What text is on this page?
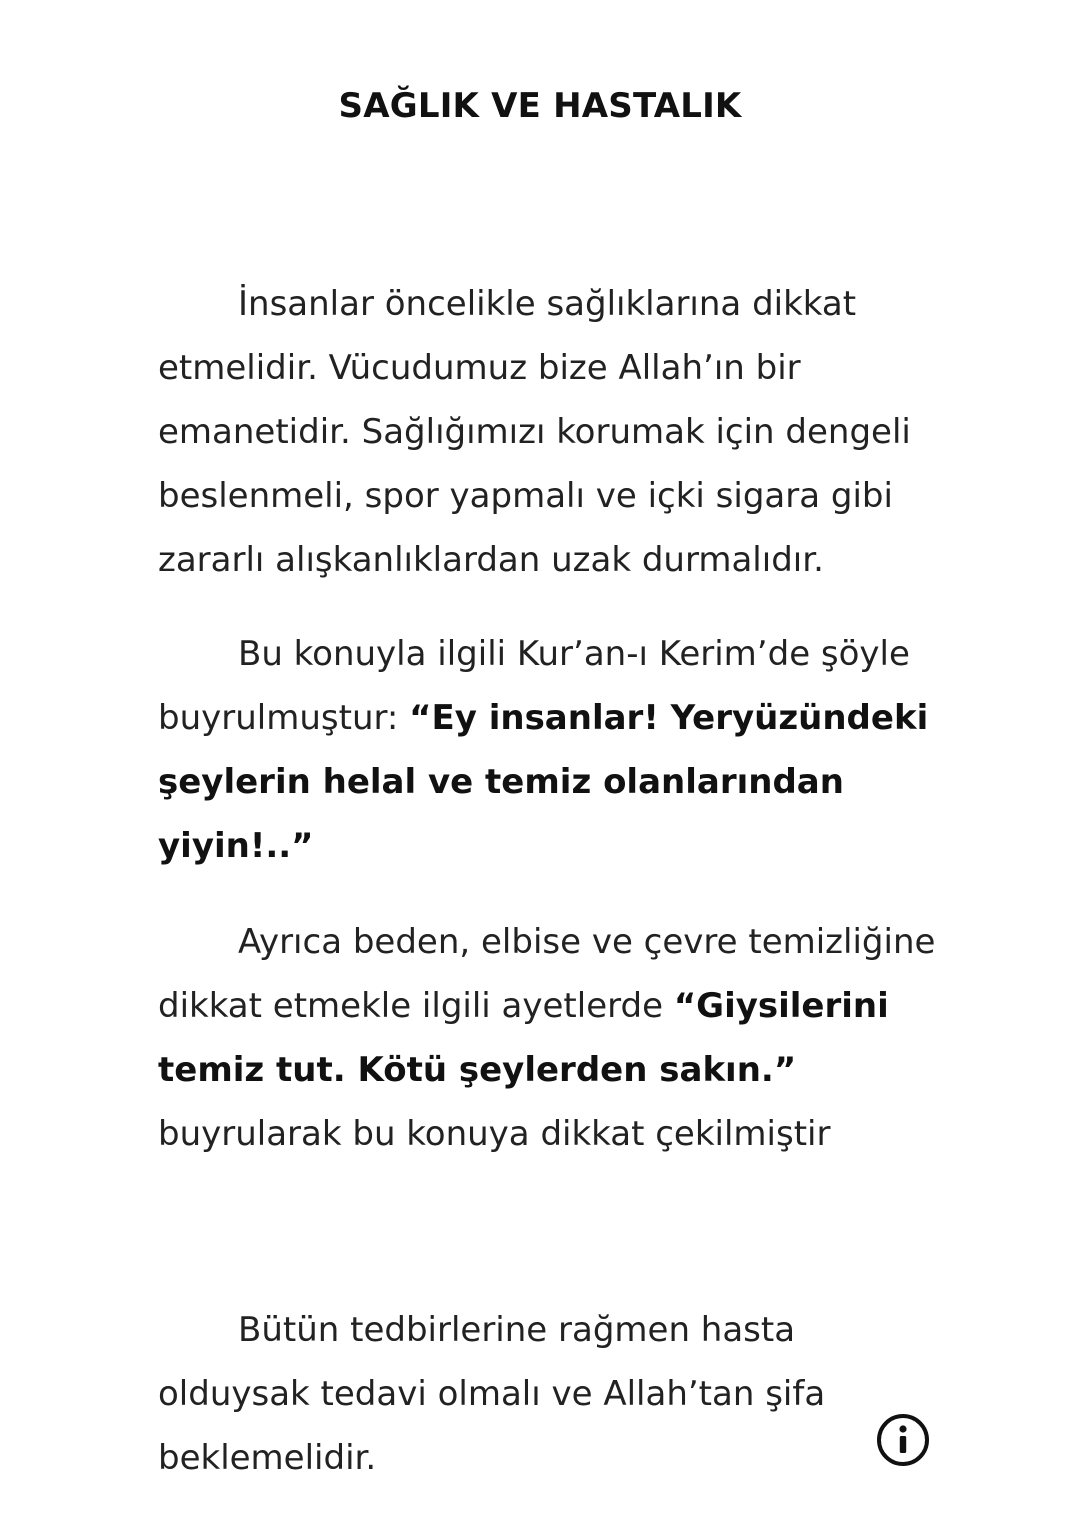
SAĞLIK VE HASTALIK

İnsanlar öncelikle sağlıklarına dikkat etmelidir. Vücudumuz bize Allah’ın bir emanetidir. Sağlığımızı korumak için dengeli beslenmeli, spor yapmalı ve içki sigara gibi zararlı alışkanlıklardan uzak durmalıdır.

Bu konuyla ilgili Kur’an-ı Kerim’de şöyle buyrulmuştur: “Ey insanlar! Yeryüzündeki şeylerin helal ve temiz olanlarından yiyin!..”

Ayrıca beden, elbise ve çevre temizliğine dikkat etmekle ilgili ayetlerde “Giysilerini temiz tut. Kötü şeylerden sakın.” buyrularak bu konuya dikkat çekilmiştir

Bütün tedbirlerine rağmen hasta olduysak tedavi olmalı ve Allah’tan şifa beklemelidir.
